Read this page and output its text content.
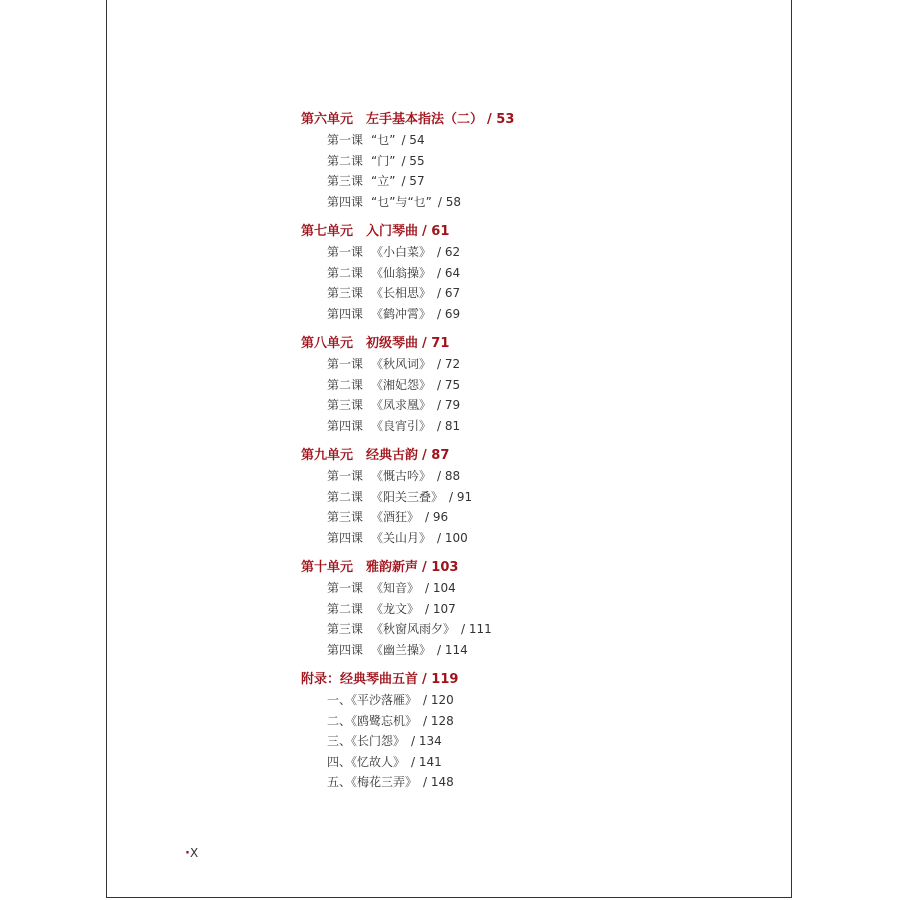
第六单元　左手基本指法（二） / 53
第一课 “乜” / 54
第二课 “门” / 55
第三课 “立” / 57
第四课 “乜”与“乜” / 58
第七单元　入门琴曲 / 61
第一课 《小白菜》 / 62
第二课 《仙翁操》 / 64
第三课 《长相思》 / 67
第四课 《鹤冲霄》 / 69
第八单元　初级琴曲 / 71
第一课 《秋风词》 / 72
第二课 《湘妃怨》 / 75
第三课 《凤求凰》 / 79
第四课 《良宵引》 / 81
第九单元　经典古韵 / 87
第一课 《慨古吟》 / 88
第二课 《阳关三叠》 / 91
第三课 《酒狂》 / 96
第四课 《关山月》 / 100
第十单元　雅韵新声 / 103
第一课 《知音》 / 104
第二课 《龙文》 / 107
第三课 《秋窗风雨夕》 / 111
第四课 《幽兰操》 / 114
附录：经典琴曲五首 / 119
一、《平沙落雁》 / 120
二、《鸥鹭忘机》 / 128
三、《长门怨》 / 134
四、《忆故人》 / 141
五、《梅花三弄》 / 148
·X
